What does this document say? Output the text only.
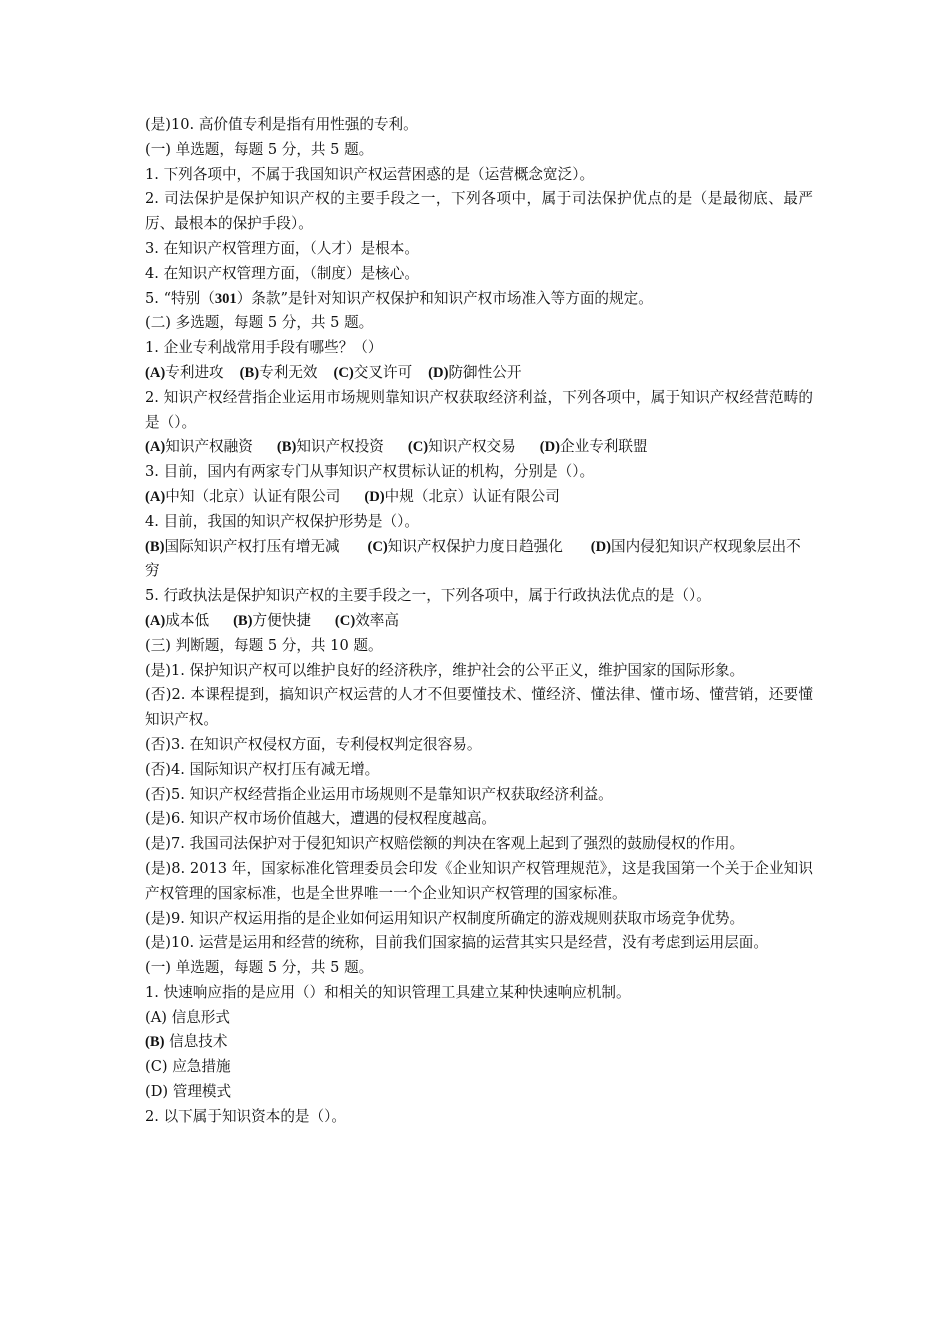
(是)10. 高价值专利是指有用性强的专利。
(一) 单选题，每题 5 分，共 5 题。
1. 下列各项中，不属于我国知识产权运营困惑的是（运营概念宽泛）。
2. 司法保护是保护知识产权的主要手段之一，下列各项中，属于司法保护优点的是（是最彻底、最严厉、最根本的保护手段）。
3. 在知识产权管理方面，（人才）是根本。
4. 在知识产权管理方面，（制度）是核心。
5. “特别（301）条款”是针对知识产权保护和知识产权市场准入等方面的规定。
(二) 多选题，每题 5 分，共 5 题。
1. 企业专利战常用手段有哪些？（）
(A)专利进攻 (B)专利无效 (C)交叉许可 (D)防御性公开
2. 知识产权经营指企业运用市场规则靠知识产权获取经济利益，下列各项中，属于知识产权经营范畴的是（）。
(A)知识产权融资 (B)知识产权投资 (C)知识产权交易 (D)企业专利联盟
3. 目前，国内有两家专门从事知识产权贯标认证的机构，分别是（）。
(A)中知（北京）认证有限公司 (D)中规（北京）认证有限公司
4. 目前，我国的知识产权保护形势是（）。
(B)国际知识产权打压有增无减 (C)知识产权保护力度日趋强化 (D)国内侵犯知识产权现象层出不穷
5. 行政执法是保护知识产权的主要手段之一，下列各项中，属于行政执法优点的是（）。
(A)成本低 (B)方便快捷 (C)效率高
(三) 判断题，每题 5 分，共 10 题。
(是)1. 保护知识产权可以维护良好的经济秩序，维护社会的公平正义，维护国家的国际形象。
(否)2. 本课程提到，搞知识产权运营的人才不但要懂技术、懂经济、懂法律、懂市场、懂营销，还要懂知识产权。
(否)3. 在知识产权侵权方面，专利侵权判定很容易。
(否)4. 国际知识产权打压有减无增。
(否)5. 知识产权经营指企业运用市场规则不是靠知识产权获取经济利益。
(是)6. 知识产权市场价值越大，遭遇的侵权程度越高。
(是)7. 我国司法保护对于侵犯知识产权赔偿额的判决在客观上起到了强烈的鼓励侵权的作用。
(是)8. 2013 年，国家标准化管理委员会印发《企业知识产权管理规范》，这是我国第一个关于企业知识产权管理的国家标准，也是全世界唯一一个企业知识产权管理的国家标准。
(是)9. 知识产权运用指的是企业如何运用知识产权制度所确定的游戏规则获取市场竞争优势。
(是)10. 运营是运用和经营的统称，目前我们国家搞的运营其实只是经营，没有考虑到运用层面。
(一) 单选题，每题 5 分，共 5 题。
1. 快速响应指的是应用（）和相关的知识管理工具建立某种快速响应机制。
(A) 信息形式
(B) 信息技术
(C) 应急措施
(D) 管理模式
2. 以下属于知识资本的是（）。
